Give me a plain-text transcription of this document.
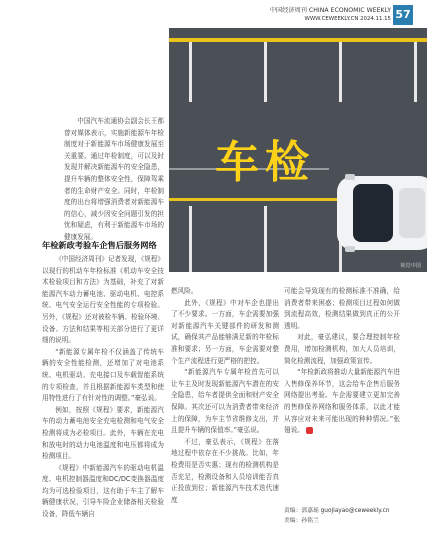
中国经济周刊 CHINA ECONOMIC WEEKLY
WWW.CEWEEKLY.CN 2024.11.15 57
车检
视觉中国

中国汽车流通协会副会长王都曾对媒体表示，实施新能源车年检制度对于新能源车市场健康发展至关重要。通过年检制度，可以及时发现并解决新能源车的安全隐患，提升车辆的整体安全性，保障驾乘者的生命财产安全。同时，年检制度的出台将增强消费者对新能源车的信心，减少因安全问题引发的担忧和疑虑，有利于新能源车市场的健康发展。

年检新政考验车企售后服务网络

《中国经济周刊》记者发现，《规程》以现行的机动车年检标准《机动车安全技术检验项目和方法》为基础，补充了对新能源汽车动力蓄电池、驱动电机、电控系统、电气安全运行安全性能的专项检验。另外，《规程》还对被检车辆、检验环境、设备、方法和结果等相关部分进行了更详细的说明。

“新能源专属年检不仅涵盖了传统车辆的安全性能检测，还增加了对电池系统、电机驱动、充电接口及车载智能系统的专项检查，并且根据新能源车类型和使用特性进行了有针对性的调整。”豪弘说。

例如，按照《规程》要求，新能源汽车的动力蓄电池安全充电检测和电气安全检测将成为必检项目。此外，车辆在充电和放电时的动力电池温度和电压都将成为检测项目。

《规程》中新能源汽车的驱动电机温度、电机控制器温度和DC/DC变换器温度均为可选检验项目，这有助于车主了解车辆健康状况，引导车险企业储备相关检验设备，降低车辆自

燃风险。

此外，《规程》中对车企也提出了不少要求。一方面，车企需要加强对新能源汽车关键部件的研发和测试，确保其产品能够满足新的年检标准和要求；另一方面，车企需要对整个生产流程进行更严格的把控。

“新能源汽车专属年检首先可以让车主及时发现新能源汽车潜在的安全隐患，给车者提供全面和财产安全保障。其次还可以为消费者带来经济上的保障，为车主节省维修支出，并且提升车辆的保值率。”豪弘说。

不过，豪弘表示，《规程》在落地过程中依存在不少挑战。比如，年检费用是否实惠；现有的检测机构是否充足，检测设备和人员培训能否真正投放到位；新能源汽车技术迭代速度

可能会导致现有的检测标准不准确，给消费者带来困惑；检测项目过程如何做到流程高效，检测结果做到真正的公开透明。

对此，豪弘建议，要合理控制年检费用，增加检测机构，加大人员培训，简化检测流程，加强政策宣传。

“年检新政将推动大量新能源汽车进入售修保养环节，这会给车企售后服务网络提出考验。车企需要建立更加完善的售修保养网络和服务体系，以此才能从容应对未来可能出现的种种情况。”张翅说。

责编：郭嘉瑶 guojiayao@ceweekly.cn
美编：孙铭兰
